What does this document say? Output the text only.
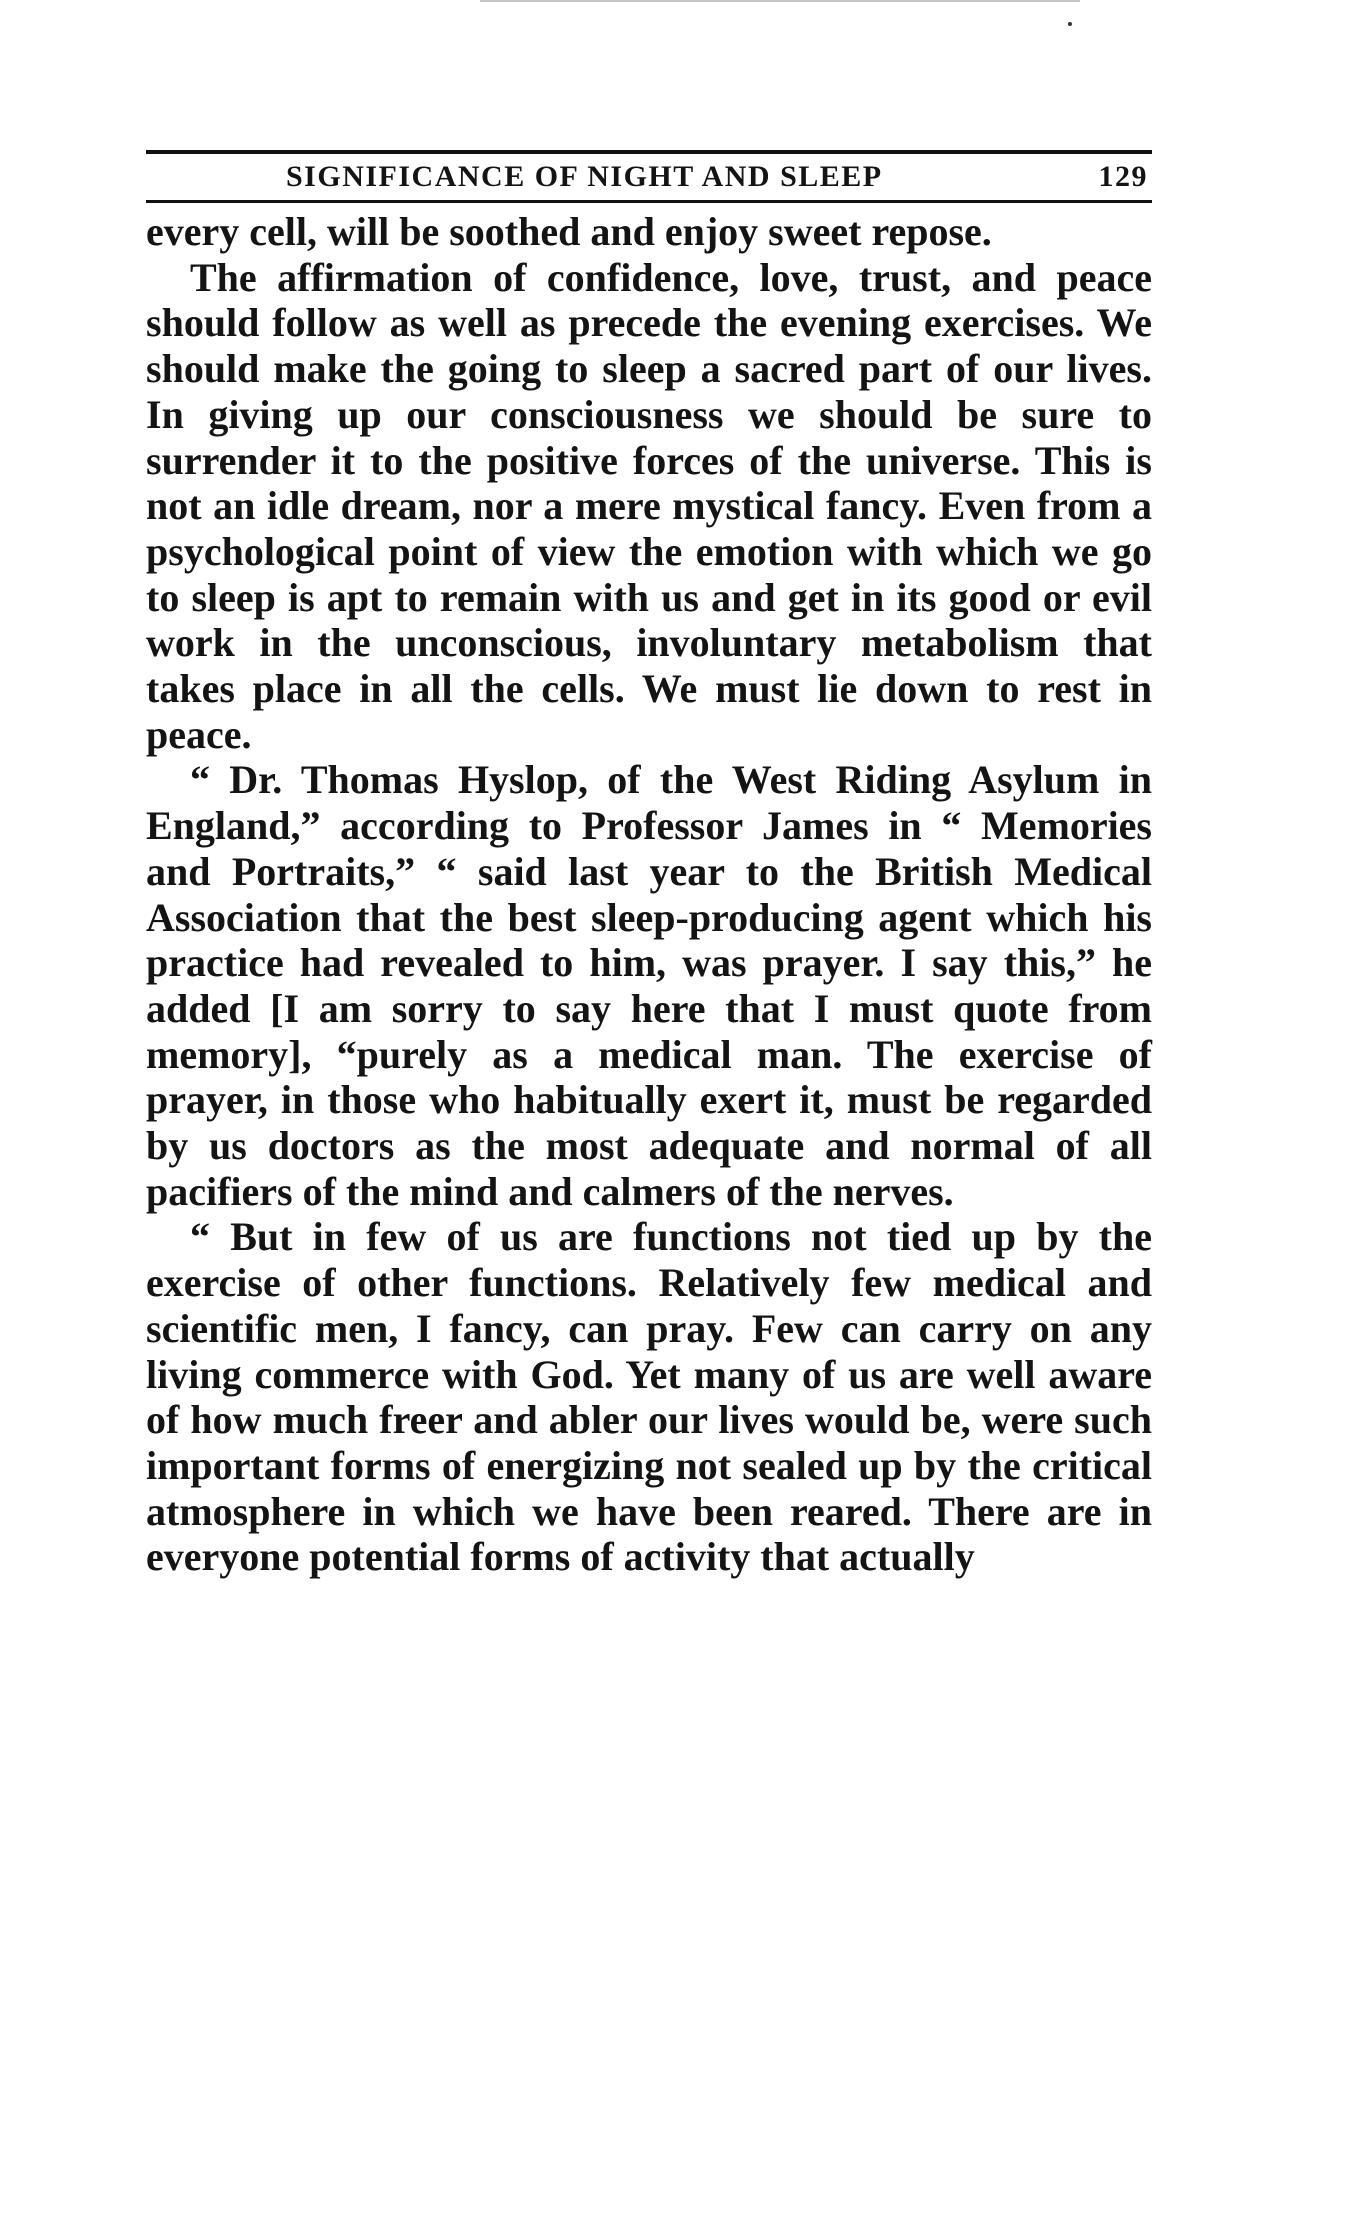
SIGNIFICANCE OF NIGHT AND SLEEP	129

every cell, will be soothed and enjoy sweet repose.

The affirmation of confidence, love, trust, and peace should follow as well as precede the evening exercises. We should make the going to sleep a sacred part of our lives. In giving up our consciousness we should be sure to surrender it to the positive forces of the universe. This is not an idle dream, nor a mere mystical fancy. Even from a psychological point of view the emotion with which we go to sleep is apt to remain with us and get in its good or evil work in the unconscious, involuntary metabolism that takes place in all the cells. We must lie down to rest in peace.

“ Dr. Thomas Hyslop, of the West Riding Asylum in England,” according to Professor James in “ Memories and Portraits,” “ said last year to the British Medical Association that the best sleep-producing agent which his practice had revealed to him, was prayer. I say this,” he added [I am sorry to say here that I must quote from memory], “purely as a medical man. The exercise of prayer, in those who habitually exert it, must be regarded by us doctors as the most adequate and normal of all pacifiers of the mind and calmers of the nerves.

“ But in few of us are functions not tied up by the exercise of other functions. Relatively few medical and scientific men, I fancy, can pray. Few can carry on any living commerce with God. Yet many of us are well aware of how much freer and abler our lives would be, were such important forms of energizing not sealed up by the critical atmosphere in which we have been reared. There are in everyone potential forms of activity that actually
